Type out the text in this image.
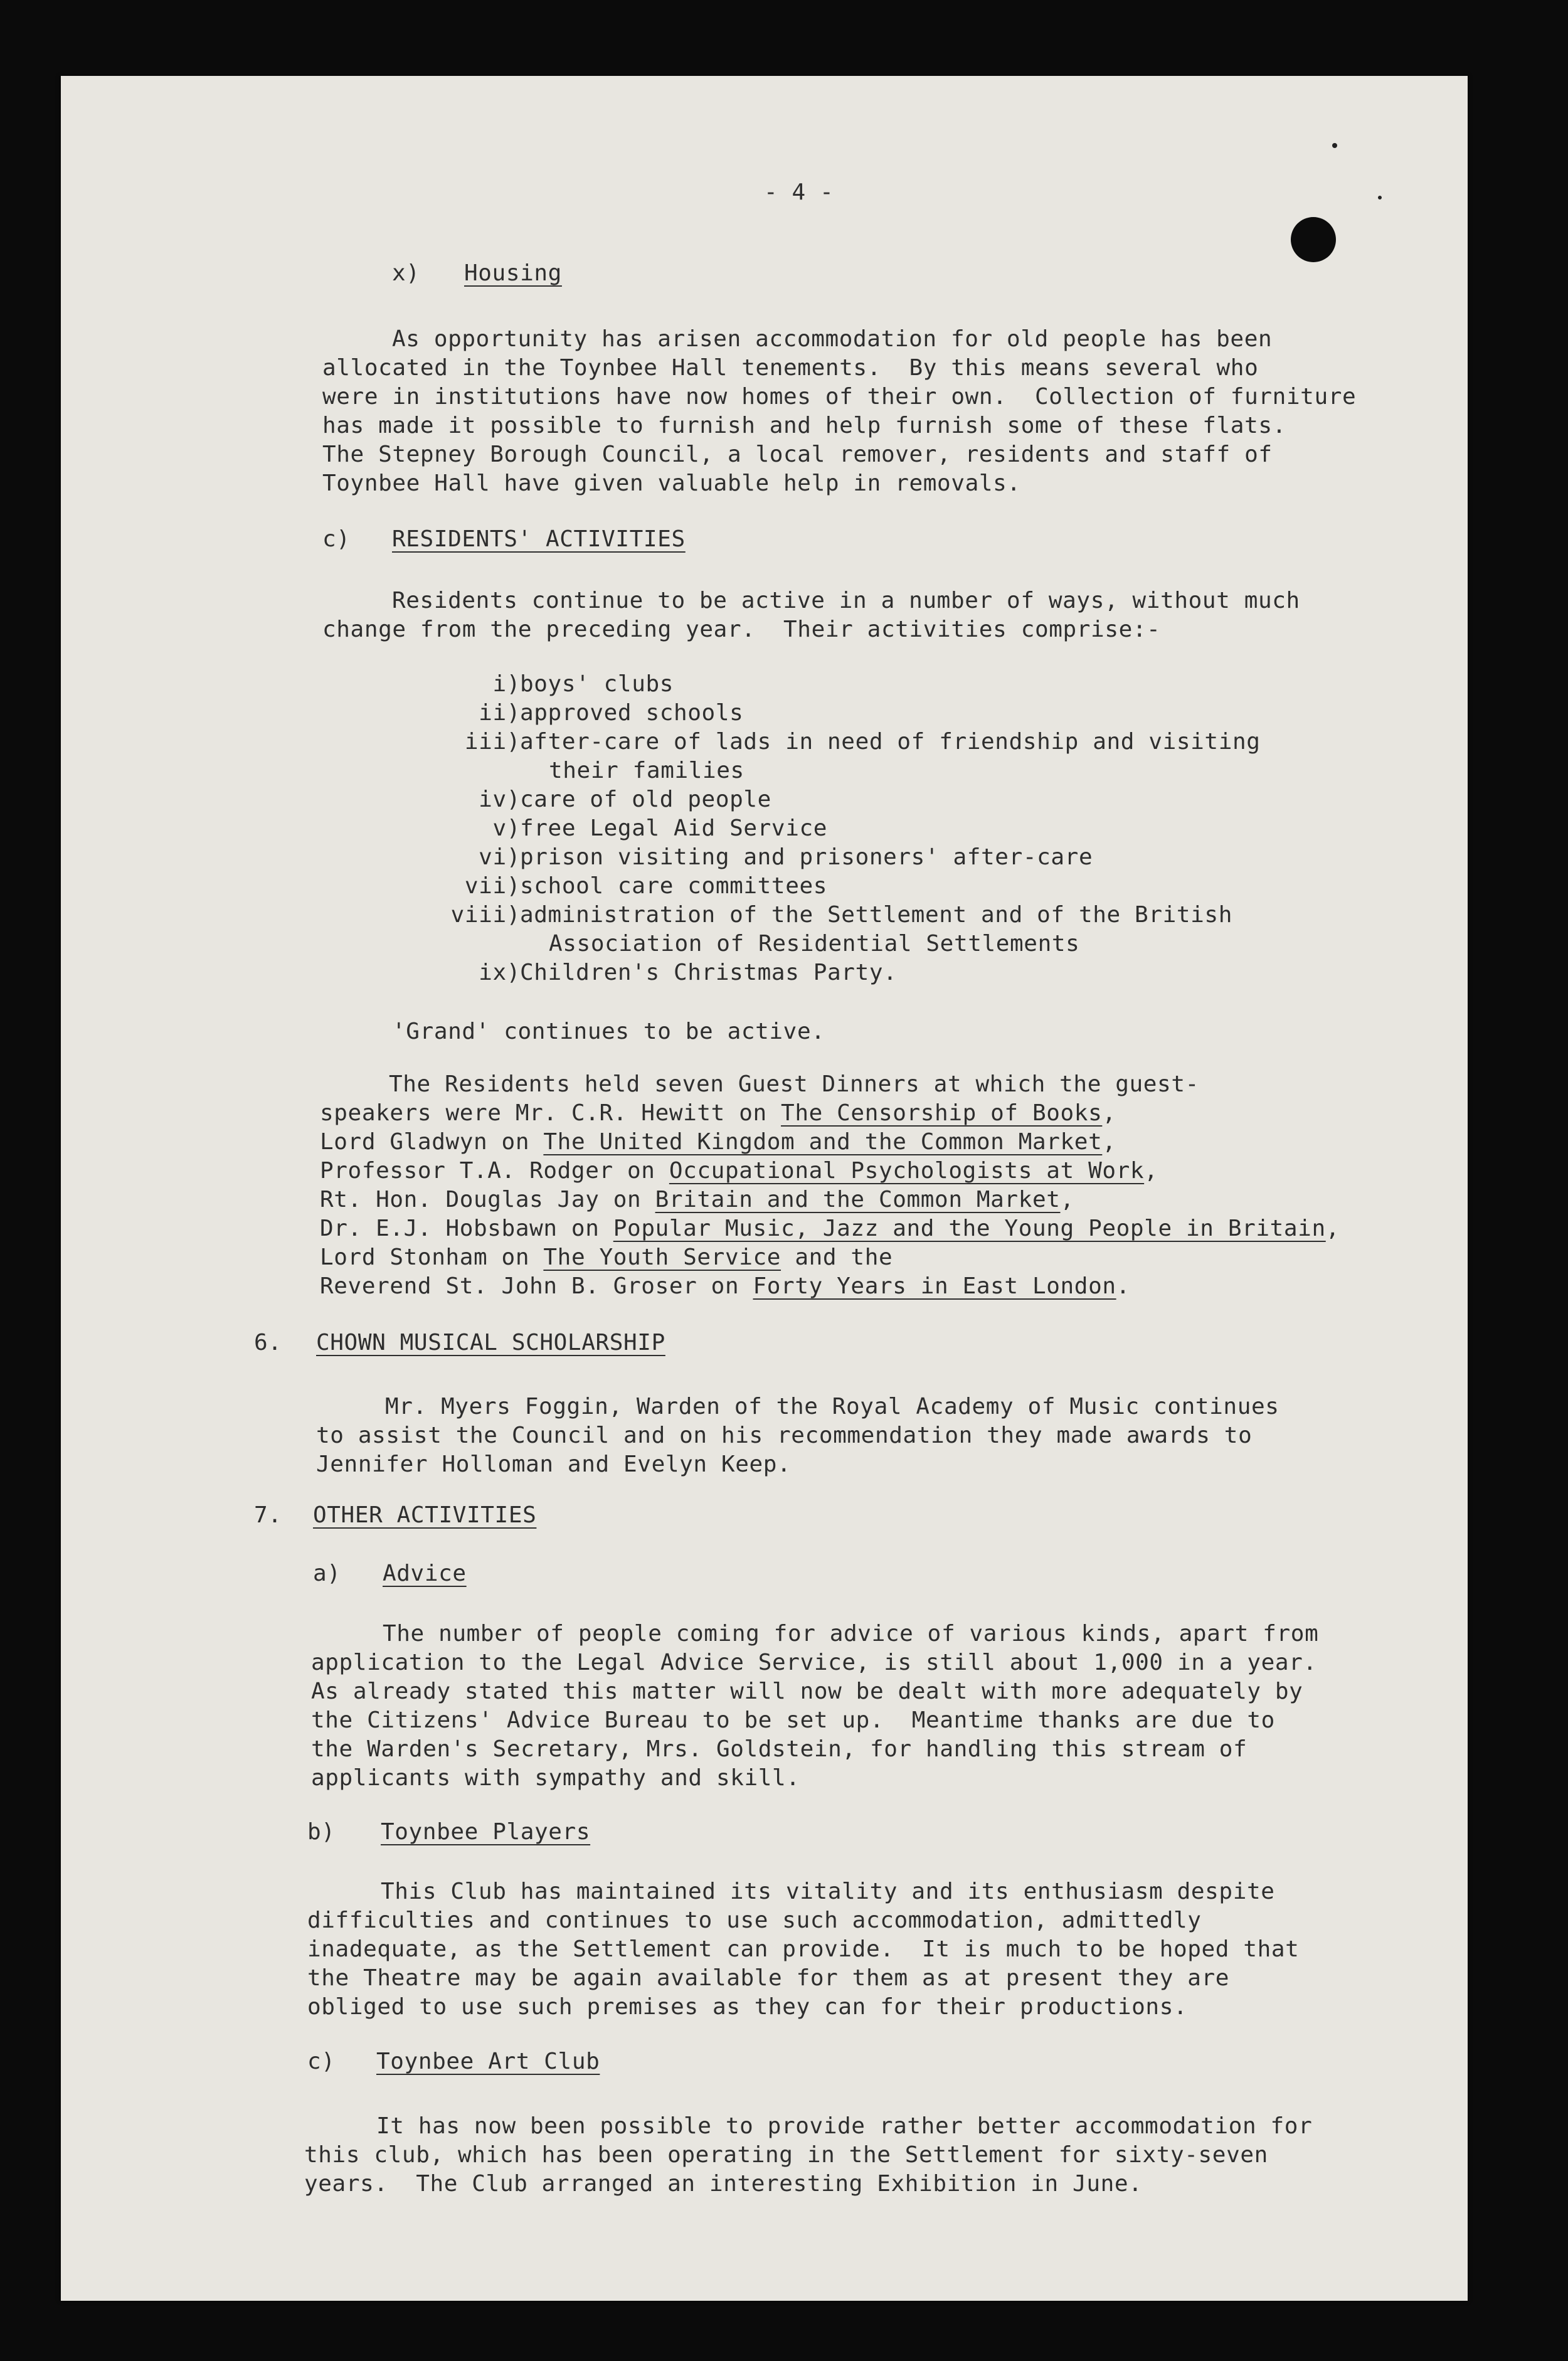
- 4 -
x) Housing
As opportunity has arisen accommodation for old people has been
allocated in the Toynbee Hall tenements.  By this means several who
were in institutions have now homes of their own.  Collection of furniture
has made it possible to furnish and help furnish some of these flats.
The Stepney Borough Council, a local remover, residents and staff of
Toynbee Hall have given valuable help in removals.
c) RESIDENTS' ACTIVITIES
Residents continue to be active in a number of ways, without much
change from the preceding year.  Their activities comprise:-
i) boys' clubs
ii) approved schools
iii) after-care of lads in need of friendship and visiting
their families
iv) care of old people
v) free Legal Aid Service
vi) prison visiting and prisoners' after-care
vii) school care committees
viii) administration of the Settlement and of the British
Association of Residential Settlements
ix) Children's Christmas Party.
'Grand' continues to be active.
The Residents held seven Guest Dinners at which the guest-
speakers were Mr. C.R. Hewitt on The Censorship of Books,
Lord Gladwyn on The United Kingdom and the Common Market,
Professor T.A. Rodger on Occupational Psychologists at Work,
Rt. Hon. Douglas Jay on Britain and the Common Market,
Dr. E.J. Hobsbawn on Popular Music, Jazz and the Young People in Britain,
Lord Stonham on The Youth Service and the
Reverend St. John B. Groser on Forty Years in East London.
6. CHOWN MUSICAL SCHOLARSHIP
Mr. Myers Foggin, Warden of the Royal Academy of Music continues
to assist the Council and on his recommendation they made awards to
Jennifer Holloman and Evelyn Keep.
7. OTHER ACTIVITIES
a) Advice
The number of people coming for advice of various kinds, apart from
application to the Legal Advice Service, is still about 1,000 in a year.
As already stated this matter will now be dealt with more adequately by
the Citizens' Advice Bureau to be set up.  Meantime thanks are due to
the Warden's Secretary, Mrs. Goldstein, for handling this stream of
applicants with sympathy and skill.
b) Toynbee Players
This Club has maintained its vitality and its enthusiasm despite
difficulties and continues to use such accommodation, admittedly
inadequate, as the Settlement can provide.  It is much to be hoped that
the Theatre may be again available for them as at present they are
obliged to use such premises as they can for their productions.
c) Toynbee Art Club
It has now been possible to provide rather better accommodation for
this club, which has been operating in the Settlement for sixty-seven
years.  The Club arranged an interesting Exhibition in June.
